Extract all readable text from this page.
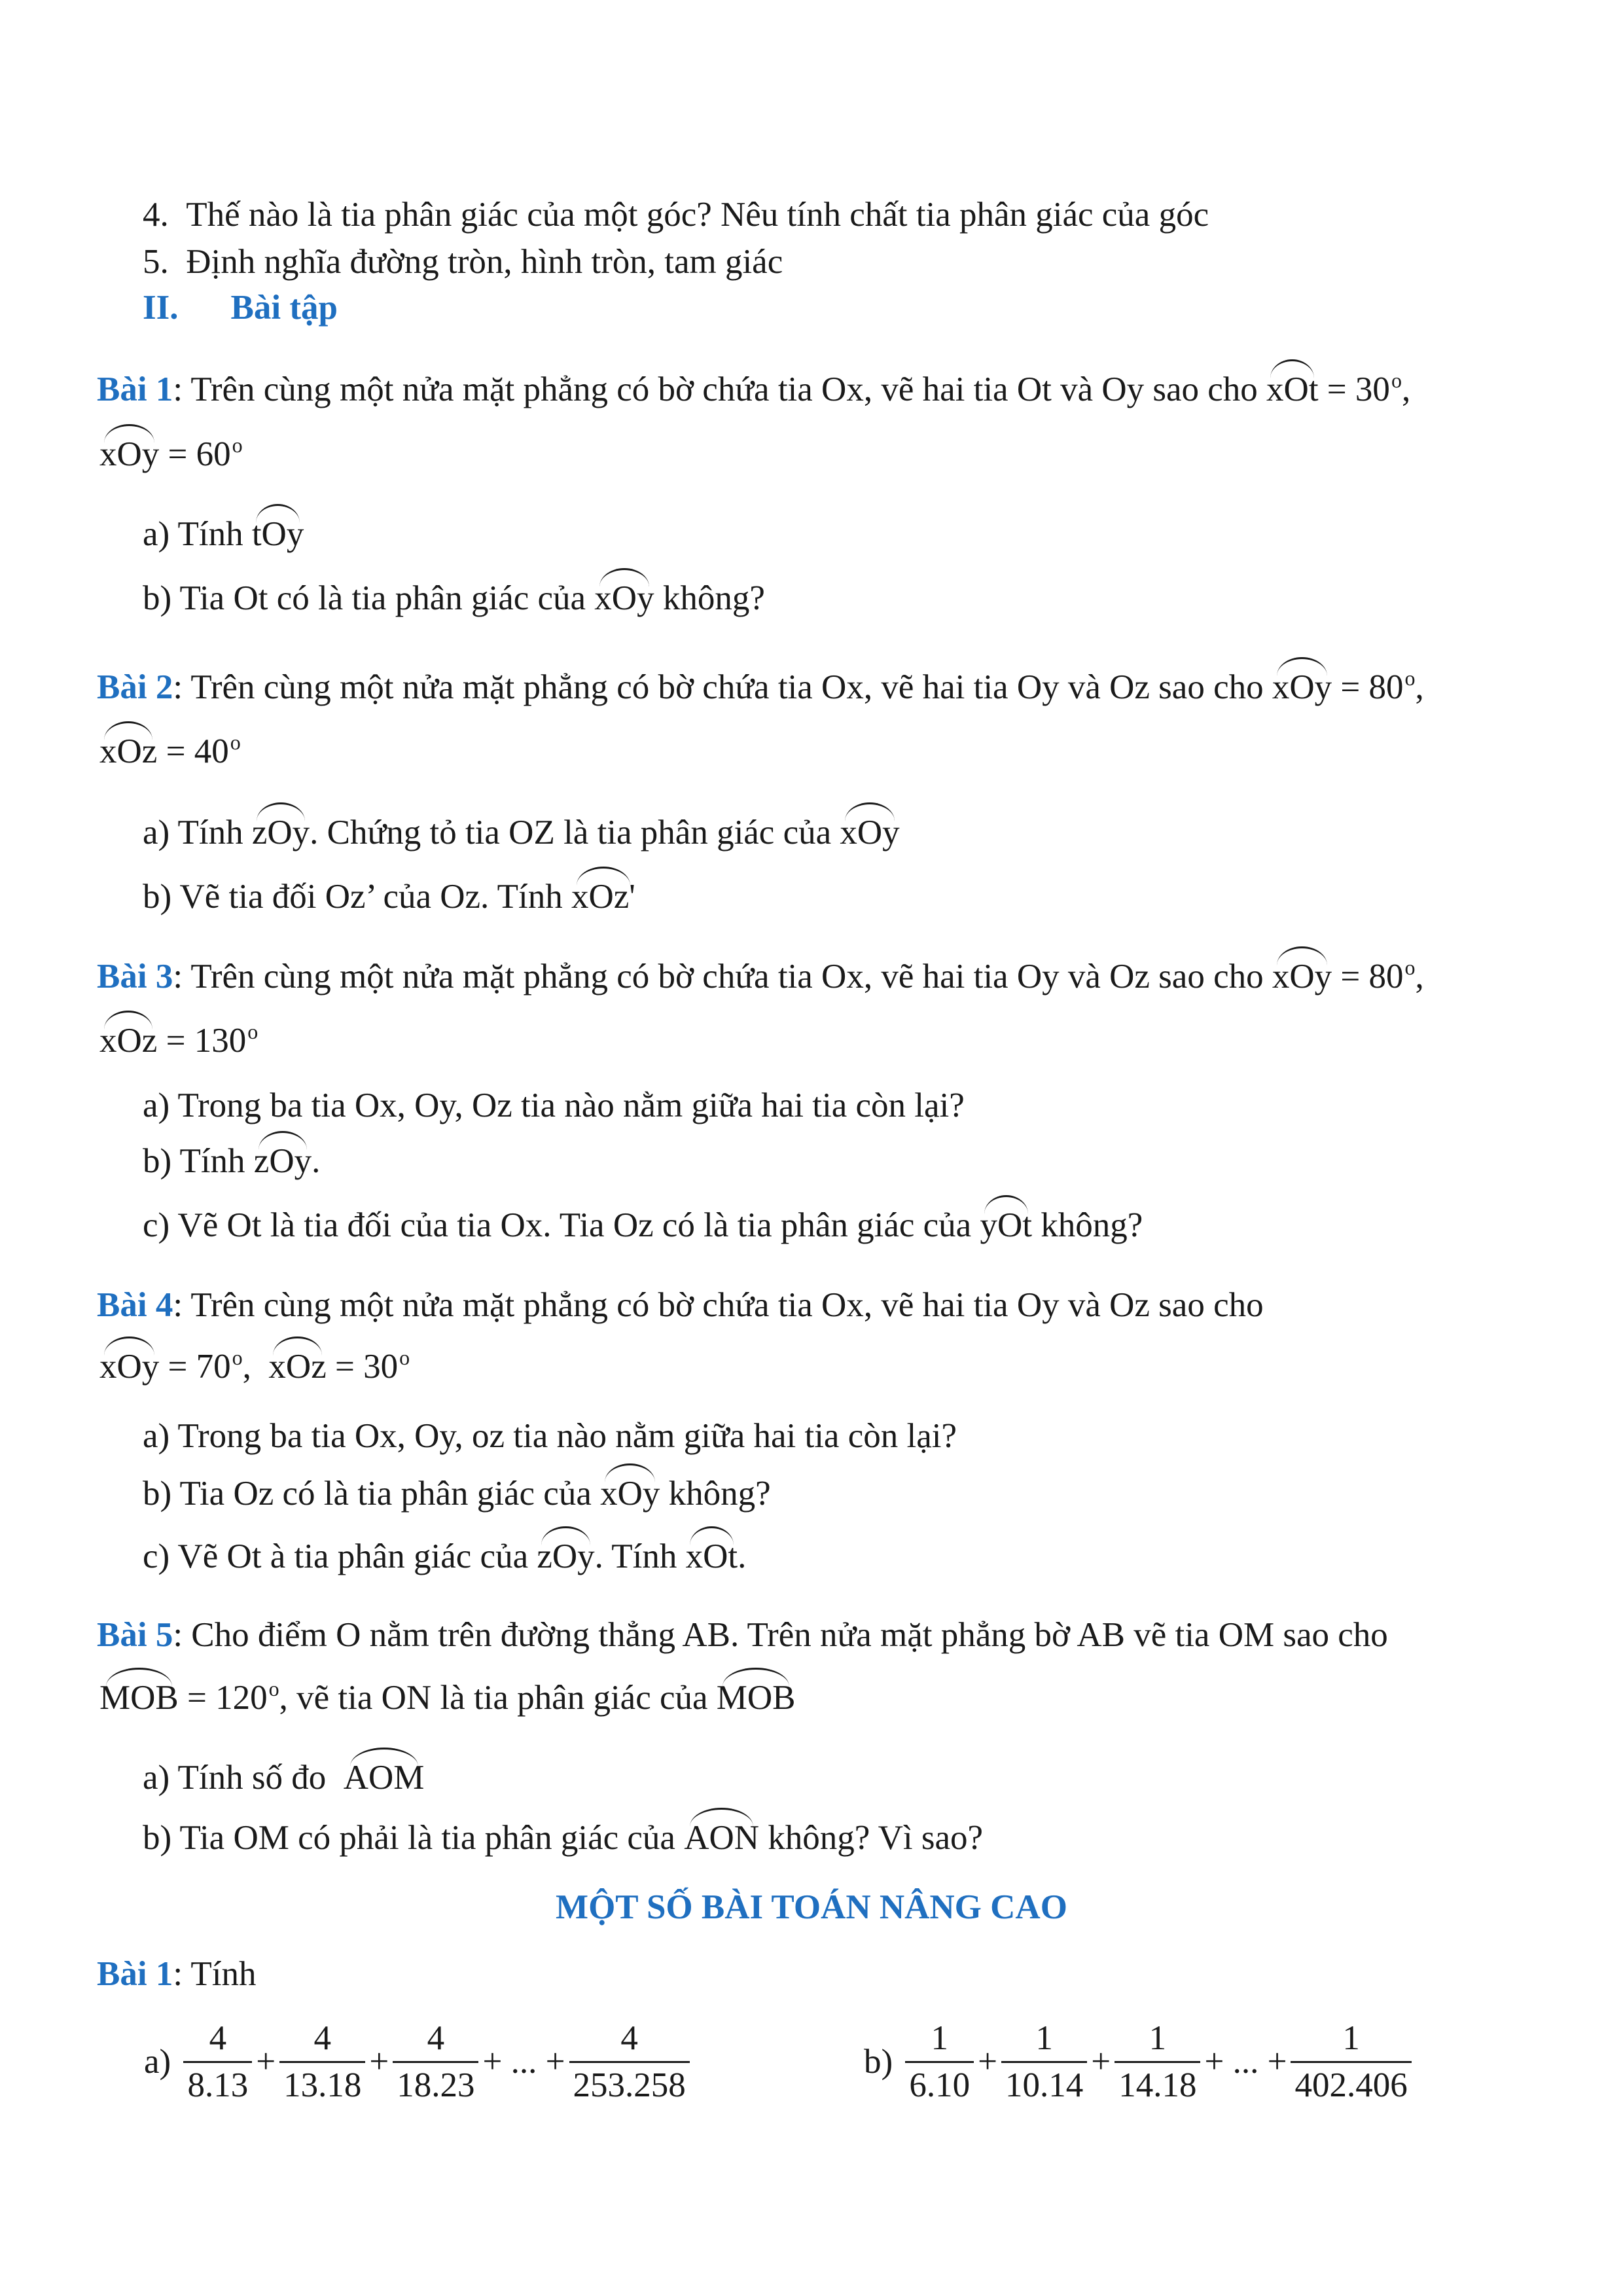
4.  Thế nào là tia phân giác của một góc? Nêu tính chất tia phân giác của góc
5.  Định nghĩa đường tròn, hình tròn, tam giác
II. Bài tập
Bài 1: Trên cùng một nửa mặt phẳng có bờ chứa tia Ox, vẽ hai tia Ot và Oy sao cho xOt = $30^o$,
xOy = $60^o$
a) Tính tOy
b) Tia Ot có là tia phân giác của xOy không?
Bài 2: Trên cùng một nửa mặt phẳng có bờ chứa tia Ox, vẽ hai tia Oy và Oz sao cho xOy = $80^o$,
xOz = $40^o$
a) Tính zOy. Chứng tỏ tia OZ là tia phân giác của xOy
b) Vẽ tia đối Oz’ của Oz. Tính xOz'
Bài 3: Trên cùng một nửa mặt phẳng có bờ chứa tia Ox, vẽ hai tia Oy và Oz sao cho xOy = $80^o$,
xOz = $130^o$
a) Trong ba tia Ox, Oy, Oz tia nào nằm giữa hai tia còn lại?
b) Tính zOy.
c) Vẽ Ot là tia đối của tia Ox. Tia Oz có là tia phân giác của yOt không?
Bài 4: Trên cùng một nửa mặt phẳng có bờ chứa tia Ox, vẽ hai tia Oy và Oz sao cho
xOy = $70^o$, xOz = $30^o$
a) Trong ba tia Ox, Oy, oz tia nào nằm giữa hai tia còn lại?
b) Tia Oz có là tia phân giác của xOy không?
c) Vẽ Ot à tia phân giác của zOy. Tính xOt.
Bài 5: Cho điểm O nằm trên đường thẳng AB. Trên nửa mặt phẳng bờ AB vẽ tia OM sao cho
MOB = $120^o$, vẽ tia ON là tia phân giác của MOB
a) Tính số đo AOM
b) Tia OM có phải là tia phân giác của AON không? Vì sao?
MỘT SỐ BÀI TOÁN NÂNG CAO
Bài 1: Tính
$a) \frac{4}{8.13} + \frac{4}{13.18} + \frac{4}{18.23}$ + ... + $\frac{4}{253.258}$	$b) \frac{1}{6.10} + \frac{1}{10.14} + \frac{1}{14.18}$ + ... + $\frac{1}{402.406}$
